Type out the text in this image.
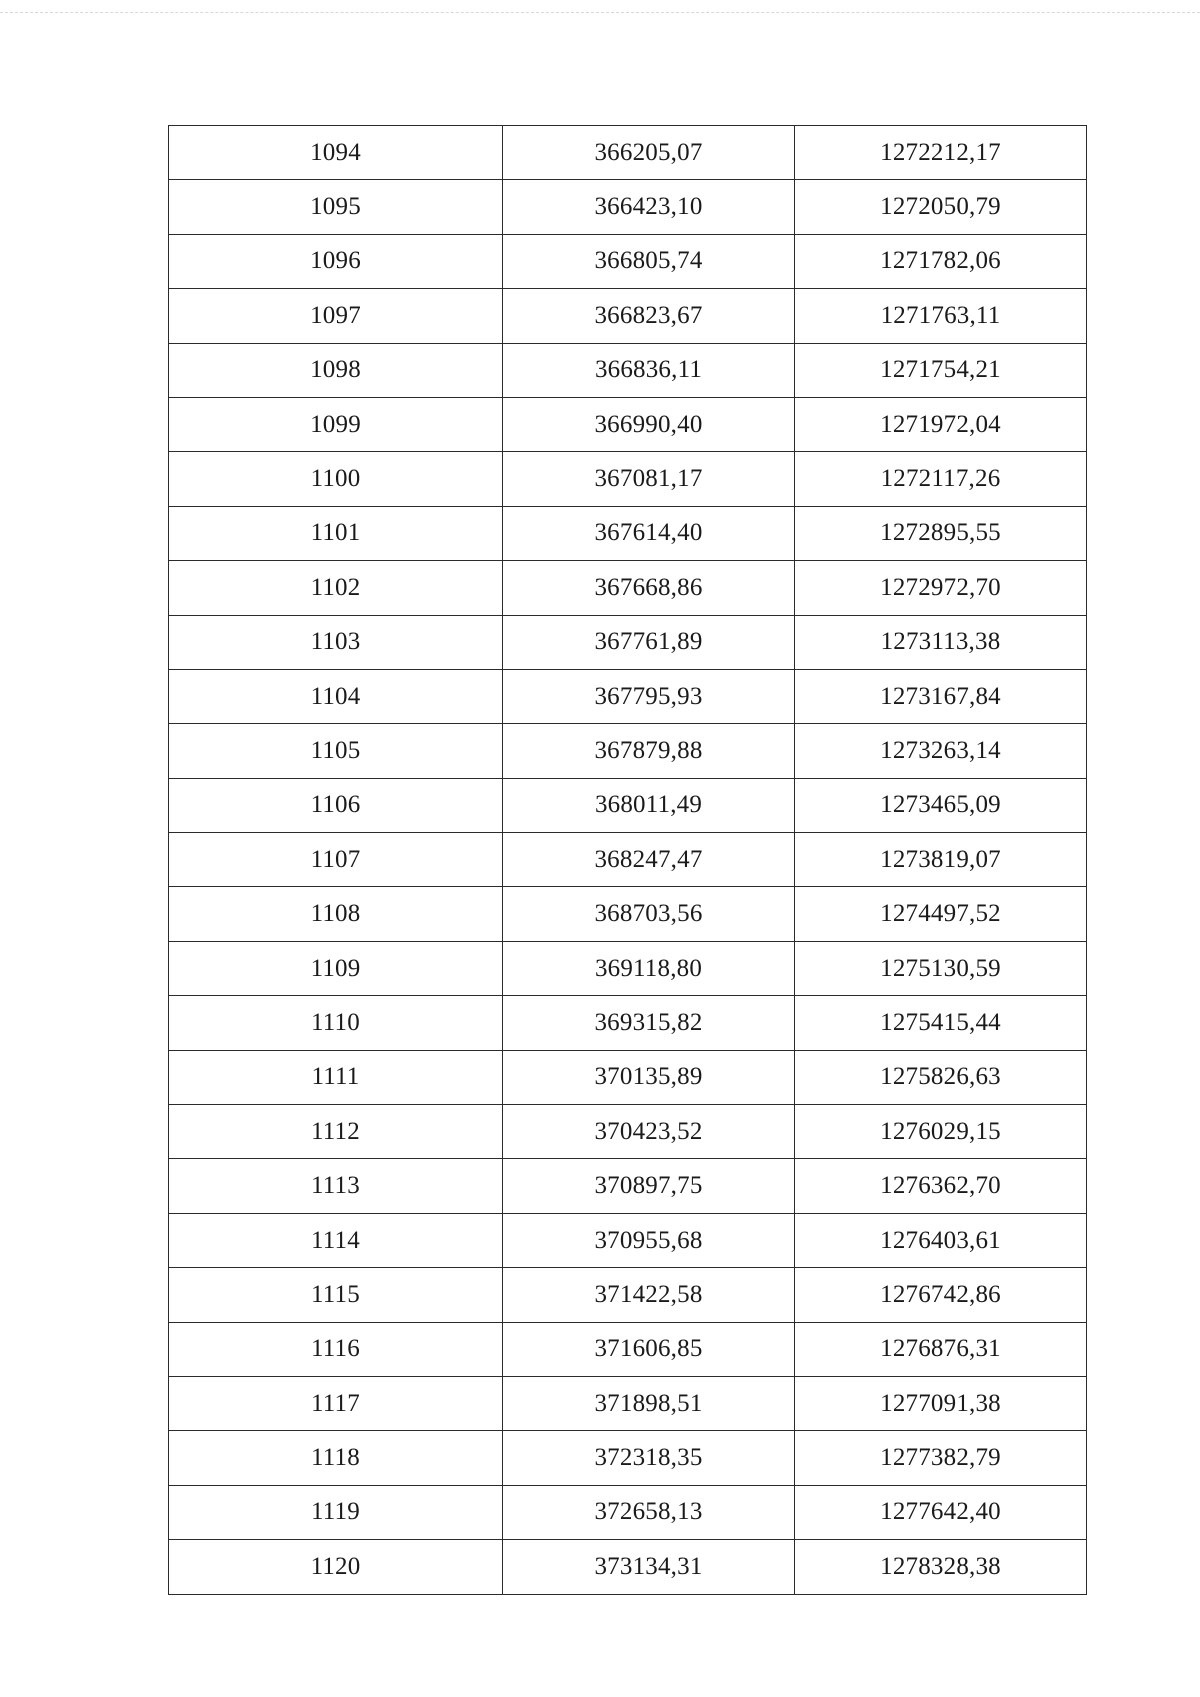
1094	366205,07	1272212,17
1095	366423,10	1272050,79
1096	366805,74	1271782,06
1097	366823,67	1271763,11
1098	366836,11	1271754,21
1099	366990,40	1271972,04
1100	367081,17	1272117,26
1101	367614,40	1272895,55
1102	367668,86	1272972,70
1103	367761,89	1273113,38
1104	367795,93	1273167,84
1105	367879,88	1273263,14
1106	368011,49	1273465,09
1107	368247,47	1273819,07
1108	368703,56	1274497,52
1109	369118,80	1275130,59
1110	369315,82	1275415,44
1111	370135,89	1275826,63
1112	370423,52	1276029,15
1113	370897,75	1276362,70
1114	370955,68	1276403,61
1115	371422,58	1276742,86
1116	371606,85	1276876,31
1117	371898,51	1277091,38
1118	372318,35	1277382,79
1119	372658,13	1277642,40
1120	373134,31	1278328,38
